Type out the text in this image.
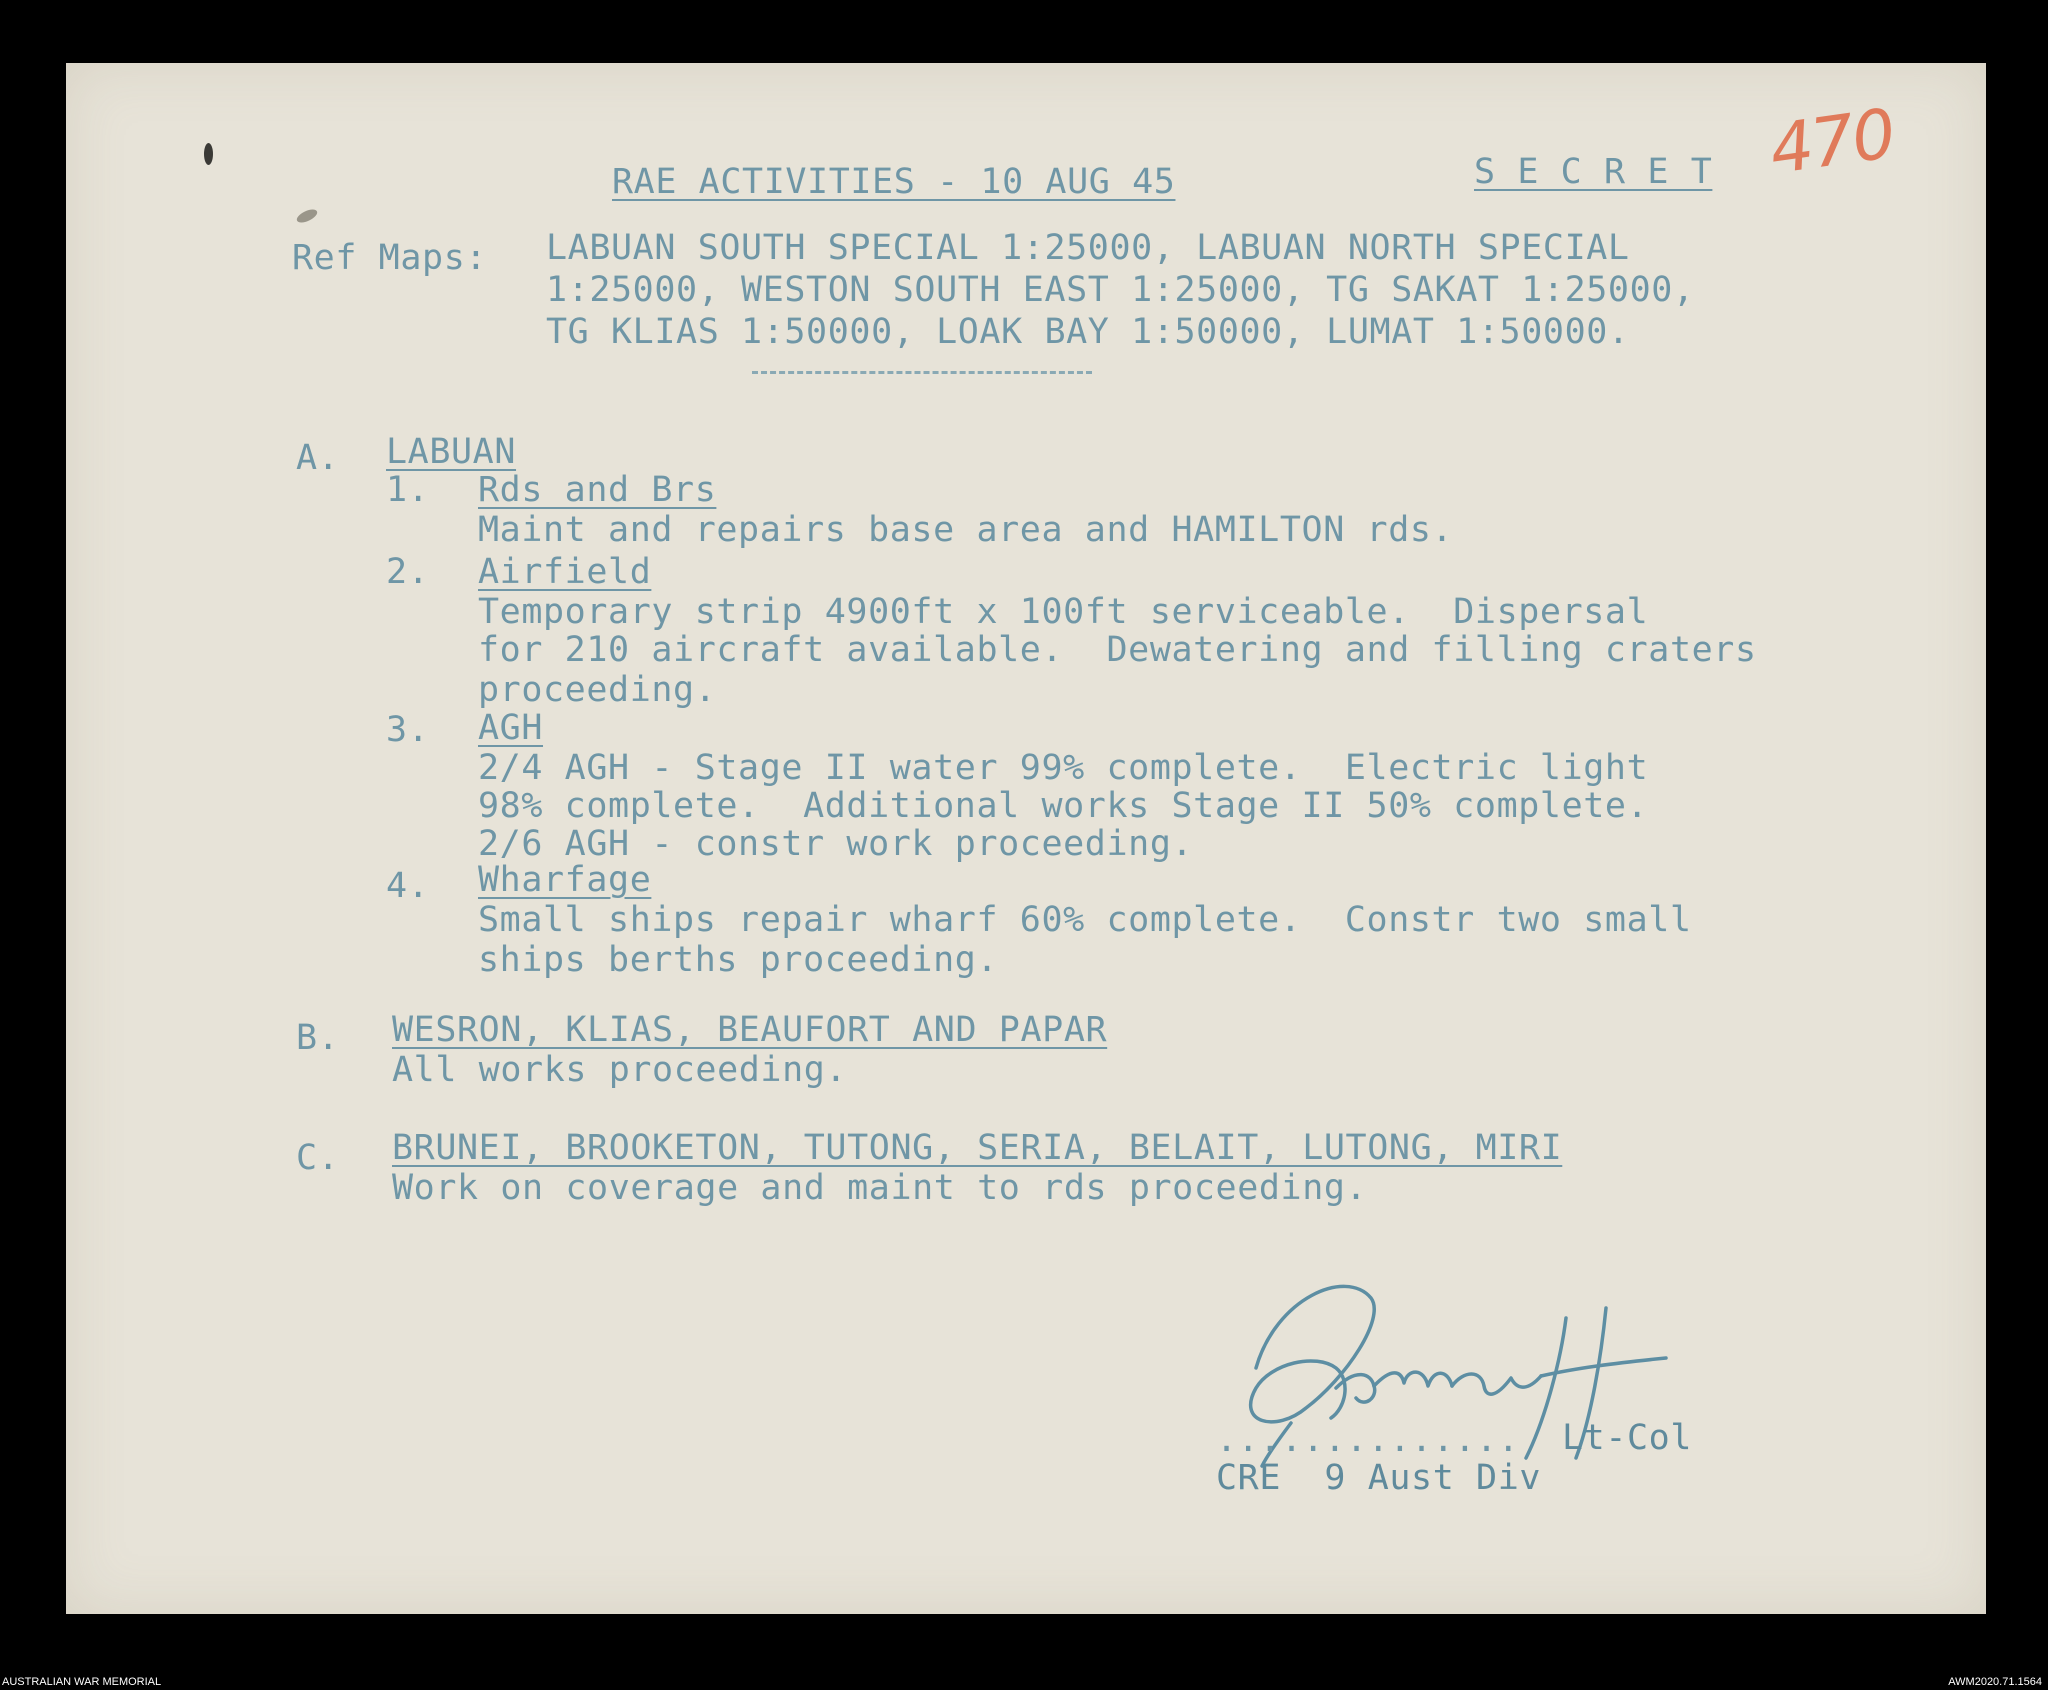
RAE ACTIVITIES - 10 AUG 45	S E C R E T 470
Ref Maps: LABUAN SOUTH SPECIAL 1:25000, LABUAN NORTH SPECIAL
1:25000, WESTON SOUTH EAST 1:25000, TG SAKAT 1:25000,
TG KLIAS 1:50000, LOAK BAY 1:50000, LUMAT 1:50000.
A. LABUAN
1. Rds and Brs
Maint and repairs base area and HAMILTON rds.
2. Airfield
Temporary strip 4900ft x 100ft serviceable.  Dispersal
for 210 aircraft available.  Dewatering and filling craters
proceeding.
3. AGH
2/4 AGH - Stage II water 99% complete.  Electric light
98% complete.  Additional works Stage II 50% complete.
2/6 AGH - constr work proceeding.
4. Wharfage
Small ships repair wharf 60% complete.  Constr two small
ships berths proceeding.
B. WESRON, KLIAS, BEAUFORT AND PAPAR
All works proceeding.
C. BRUNEI, BROOKETON, TUTONG, SERIA, BELAIT, LUTONG, MIRI
Work on coverage and maint to rds proceeding.
.............. Lt-Col
CRE  9 Aust Div
AUSTRALIAN WAR MEMORIAL	AWM2020.71.1564
